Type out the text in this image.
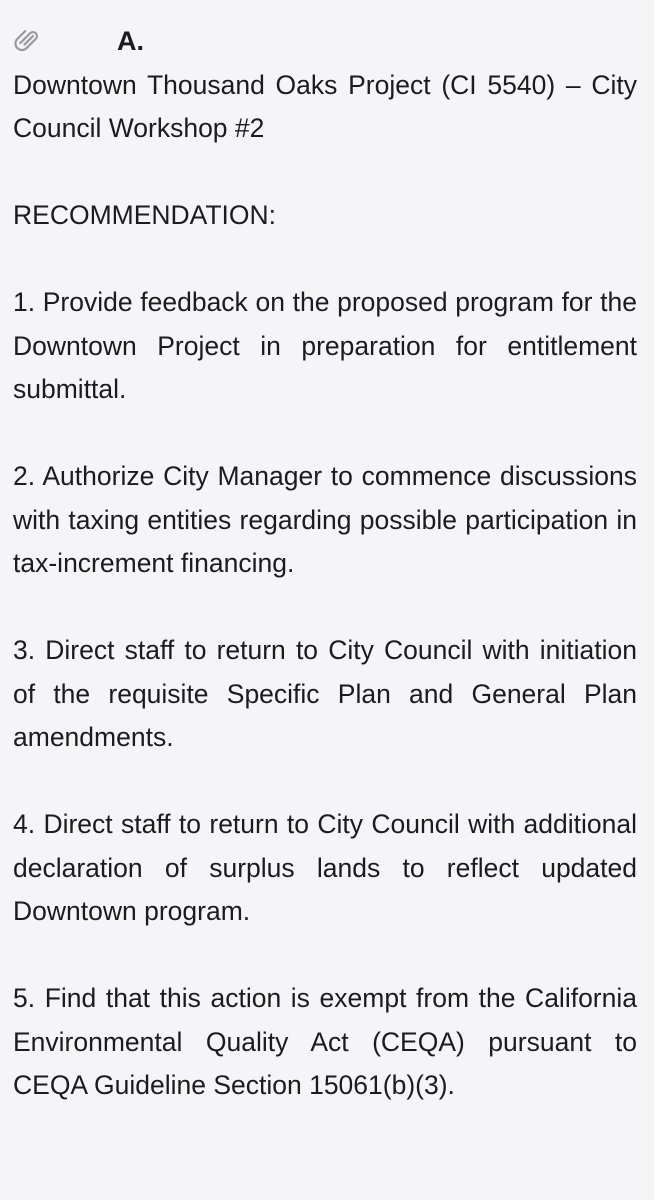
A.

Downtown Thousand Oaks Project (CI 5540) – City Council Workshop #2

RECOMMENDATION:

1. Provide feedback on the proposed program for the Downtown Project in preparation for entitlement submittal.

2. Authorize City Manager to commence discussions with taxing entities regarding possible participation in tax-increment financing.

3. Direct staff to return to City Council with initiation of the requisite Specific Plan and General Plan amendments.

4. Direct staff to return to City Council with additional declaration of surplus lands to reflect updated Downtown program.

5. Find that this action is exempt from the California Environmental Quality Act (CEQA) pursuant to CEQA Guideline Section 15061(b)(3).
